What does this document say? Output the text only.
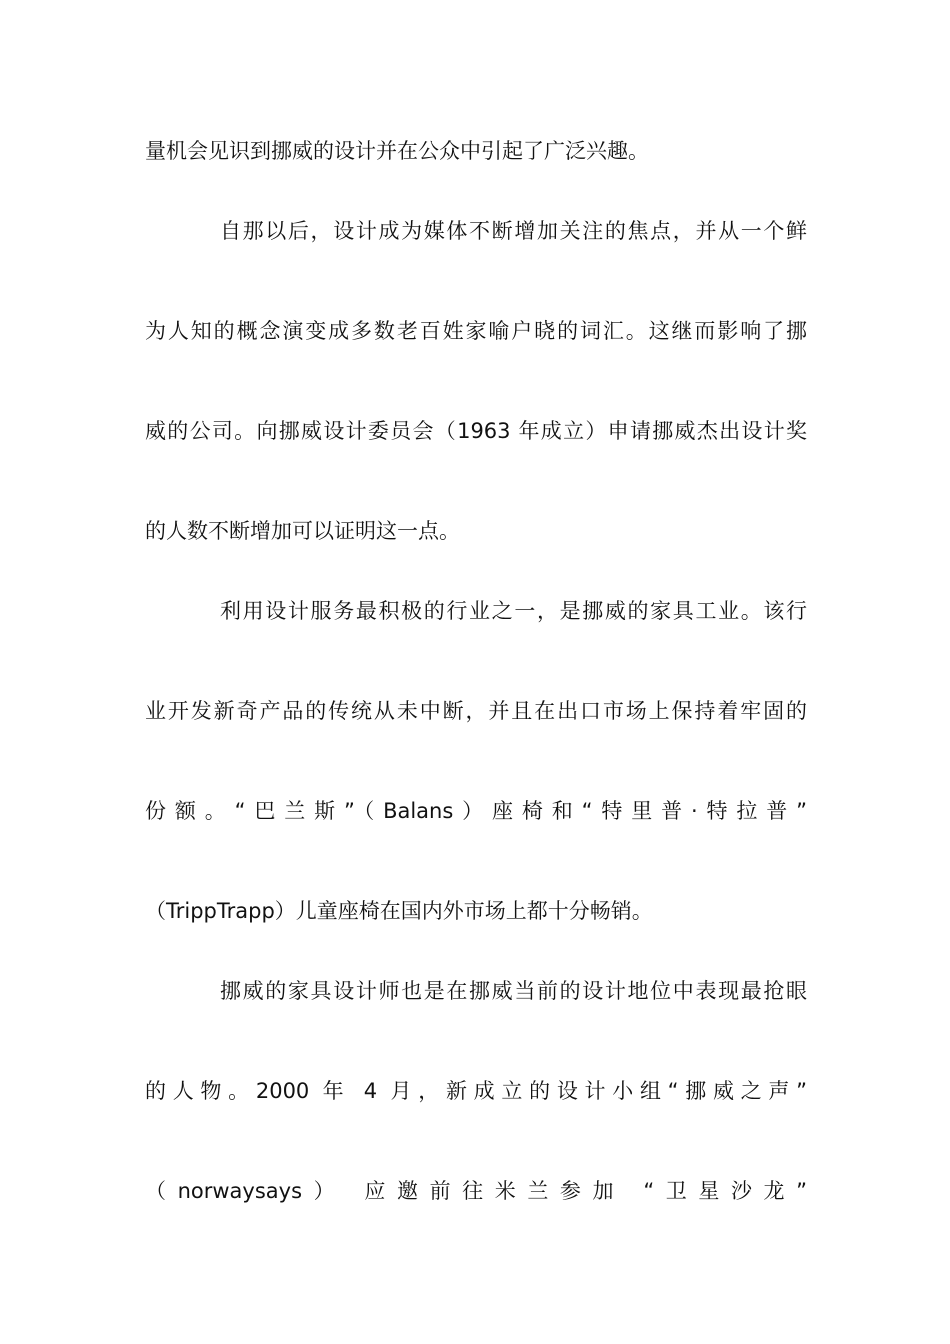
量机会见识到挪威的设计并在公众中引起了广泛兴趣。
自那以后，设计成为媒体不断增加关注的焦点，并从一个鲜
为人知的概念演变成多数老百姓家喻户晓的词汇。这继而影响了挪
威的公司。向挪威设计委员会（1963 年成立）申请挪威杰出设计奖
的人数不断增加可以证明这一点。
利用设计服务最积极的行业之一，是挪威的家具工业。该行
业开发新奇产品的传统从未中断，并且在出口市场上保持着牢固的
份额。“巴兰斯”（Balans）座椅和“特里普·特拉普”
（TrippTrapp）儿童座椅在国内外市场上都十分畅销。
挪威的家具设计师也是在挪威当前的设计地位中表现最抢眼
的人物。2000 年 4 月，新成立的设计小组“挪威之声”
（norwaysays） 应邀前往米兰参加 “卫星沙龙”
